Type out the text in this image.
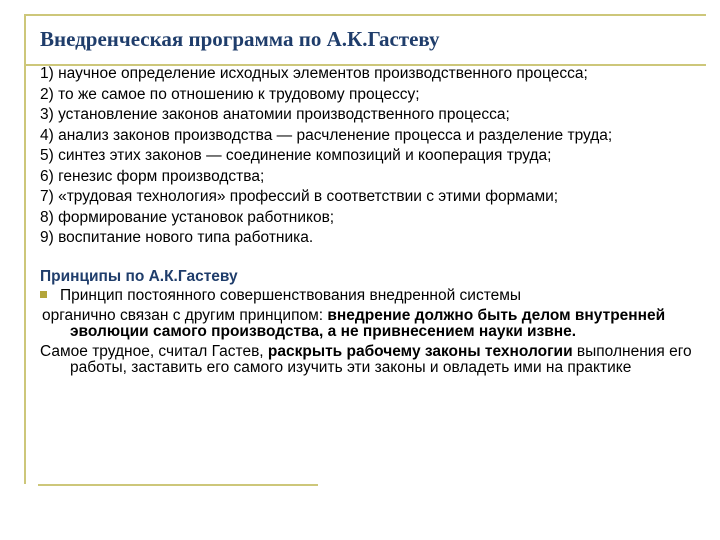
Внедренческая программа по А.К.Гастеву
1) научное определение исходных элементов производственного процесса;
2) то же самое по отношению к трудовому процессу;
3) установление законов анатомии производственного процесса;
4) анализ законов производства — расчленение процесса и разделение труда;
5) синтез этих законов — соединение композиций и кооперация труда;
6) генезис форм производства;
7) «трудовая технология» профессий в соответствии с этими формами;
8) формирование установок работников;
9) воспитание нового типа работника.

Принципы по А.К.Гастеву

Принцип постоянного совершенствования внедренной системы

органично связан с другим принципом: внедрение должно быть делом внутренней эволюции самого производства, а не привнесением науки извне.

Самое трудное, считал Гастев, раскрыть рабочему законы технологии выполнения его работы, заставить его самого изучить эти законы и овладеть ими на практике
